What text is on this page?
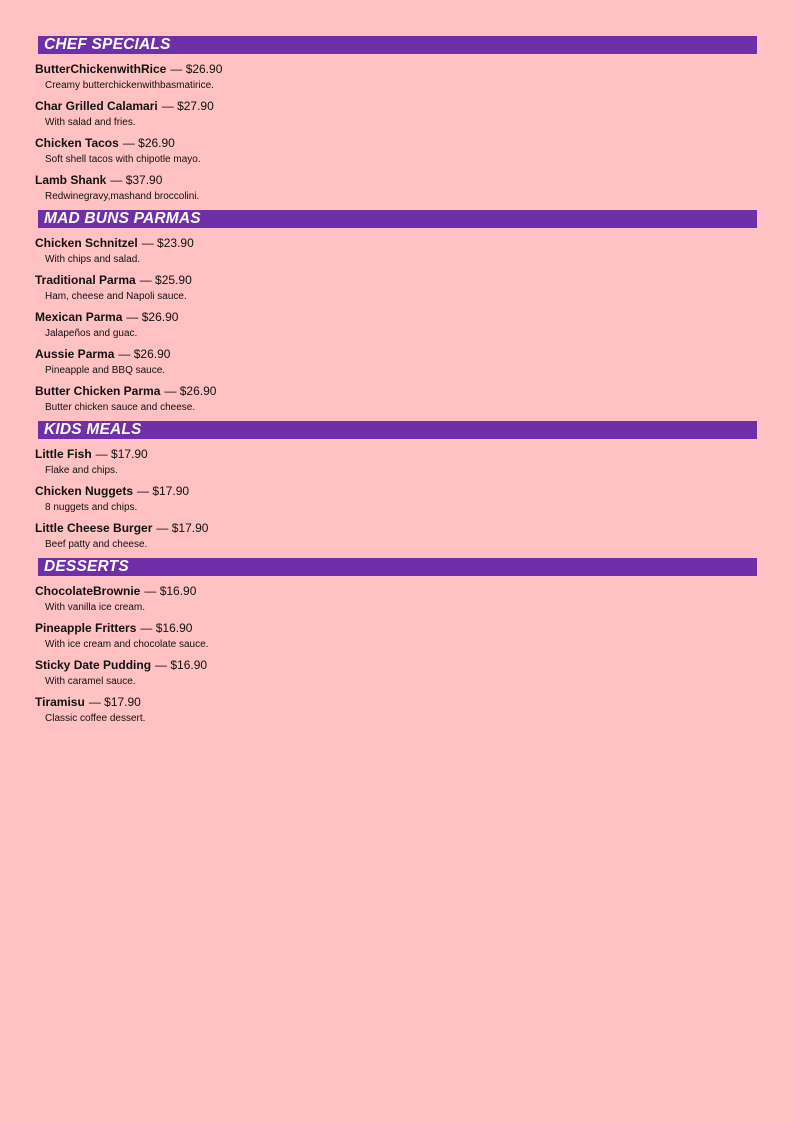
CHEF SPECIALS
ButterChickenwithRice — $26.90
Creamy butterchickenwithbasmatirice.
Char Grilled Calamari — $27.90
With salad and fries.
Chicken Tacos — $26.90
Soft shell tacos with chipotle mayo.
Lamb Shank — $37.90
Redwinegravy,mashand broccolini.
MAD BUNS PARMAS
Chicken Schnitzel — $23.90
With chips and salad.
Traditional Parma — $25.90
Ham, cheese and Napoli sauce.
Mexican Parma — $26.90
Jalapeños and guac.
Aussie Parma — $26.90
Pineapple and BBQ sauce.
Butter Chicken Parma — $26.90
Butter chicken sauce and cheese.
KIDS MEALS
Little Fish — $17.90
Flake and chips.
Chicken Nuggets — $17.90
8 nuggets and chips.
Little Cheese Burger — $17.90
Beef patty and cheese.
DESSERTS
ChocolateBrownie — $16.90
With vanilla ice cream.
Pineapple Fritters — $16.90
With ice cream and chocolate sauce.
Sticky Date Pudding — $16.90
With caramel sauce.
Tiramisu — $17.90
Classic coffee dessert.
